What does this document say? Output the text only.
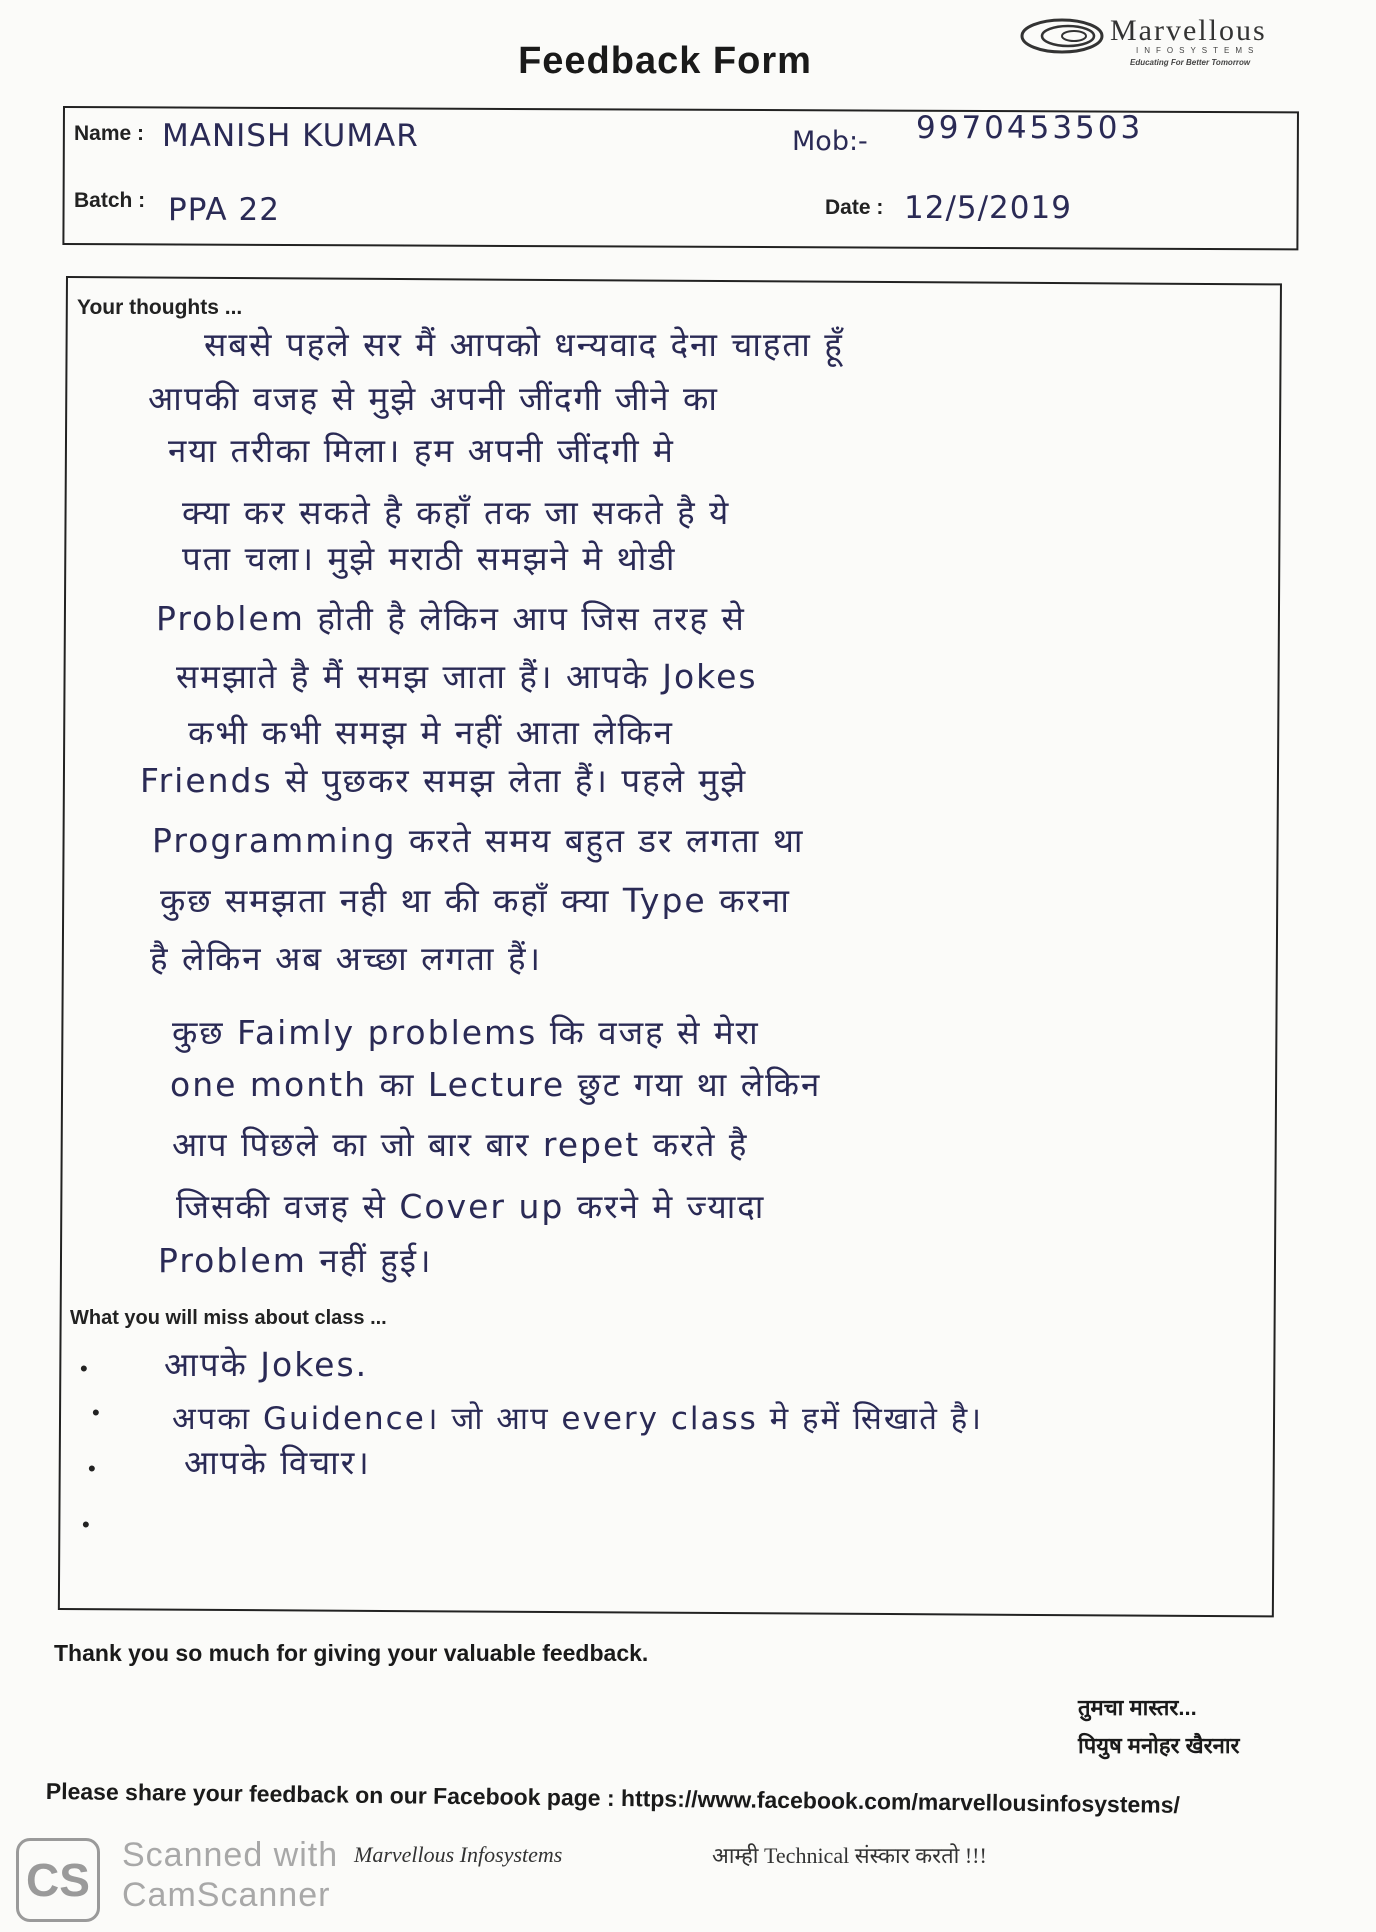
Marvellous
INFOSYSTEMS
Educating For Better Tomorrow
Feedback Form
Name : MANISH KUMAR	Mob:- 9970453503
Batch : PPA 22	Date : 12/5/2019
Your thoughts ...
सबसे पहले सर मैं आपको धन्यवाद देना चाहता हूँ
आपकी वजह से मुझे अपनी जींदगी जीने का
नया तरीका मिला। हम अपनी जींदगी मे
क्या कर सकते है कहाँ तक जा सकते है ये
पता चला। मुझे मराठी समझने मे थोडी
Problem होती है लेकिन आप जिस तरह से
समझाते है मैं समझ जाता हैं। आपके Jokes
कभी कभी समझ मे नहीं आता लेकिन
Friends से पुछकर समझ लेता हैं। पहले मुझे
Programming करते समय बहुत डर लगता था
कुछ समझता नही था की कहाँ क्या Type करना
है लेकिन अब अच्छा लगता हैं।
कुछ Faimly problems कि वजह से मेरा
one month का Lecture छुट गया था लेकिन
आप पिछले का जो बार बार repet करते है
जिसकी वजह से Cover up करने मे ज्यादा
Problem नहीं हुई।
What you will miss about class ...
• आपके Jokes.
• अपका Guidence। जो आप every class मे हमें सिखाते है।
•	आपके विचार।
•
Thank you so much for giving your valuable feedback.
तुमचा मास्तर...
पियुष मनोहर खैरनार
Please share your feedback on our Facebook page : https://www.facebook.com/marvellousinfosystems/
CS Scanned with
CamScanner
Marvellous Infosystems	आम्ही Technical संस्कार करतो !!!
